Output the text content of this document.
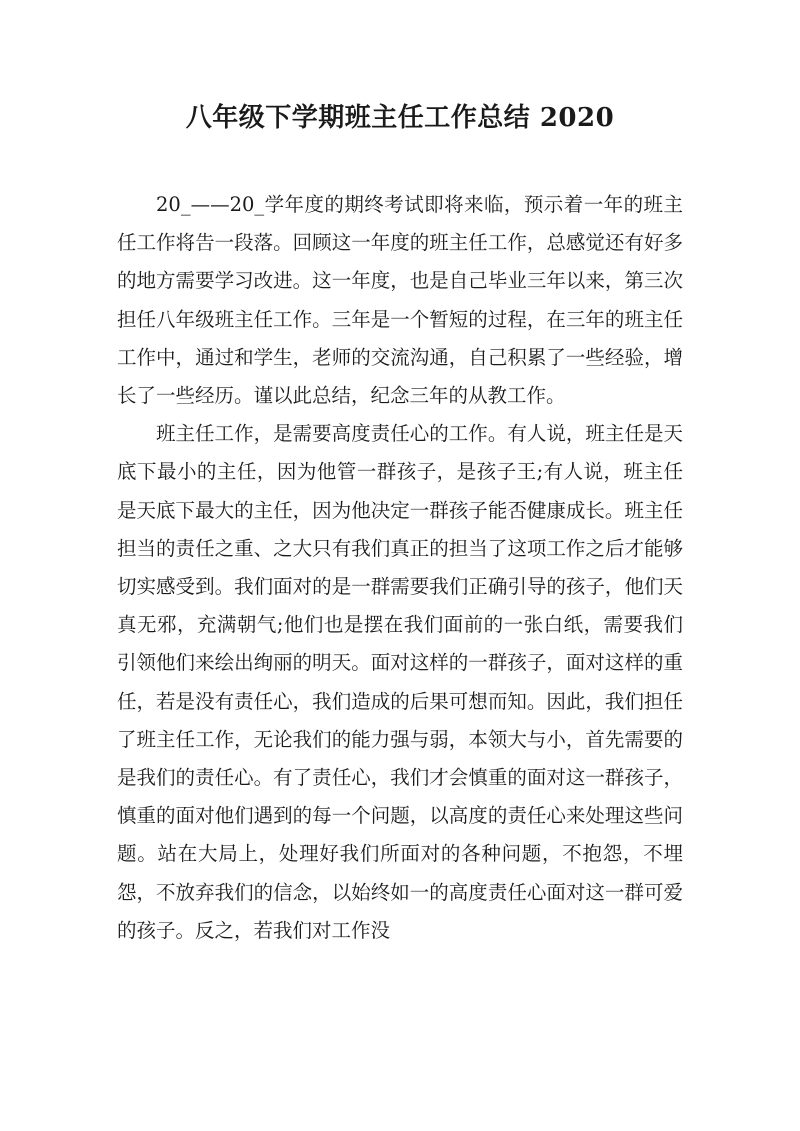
八年级下学期班主任工作总结 2020

20_——20_学年度的期终考试即将来临，预示着一年的班主任工作将告一段落。回顾这一年度的班主任工作，总感觉还有好多的地方需要学习改进。这一年度，也是自己毕业三年以来，第三次担任八年级班主任工作。三年是一个暂短的过程，在三年的班主任工作中，通过和学生，老师的交流沟通，自己积累了一些经验，增长了一些经历。谨以此总结，纪念三年的从教工作。

班主任工作，是需要高度责任心的工作。有人说，班主任是天底下最小的主任，因为他管一群孩子，是孩子王;有人说，班主任是天底下最大的主任，因为他决定一群孩子能否健康成长。班主任担当的责任之重、之大只有我们真正的担当了这项工作之后才能够切实感受到。我们面对的是一群需要我们正确引导的孩子，他们天真无邪，充满朝气;他们也是摆在我们面前的一张白纸，需要我们引领他们来绘出绚丽的明天。面对这样的一群孩子，面对这样的重任，若是没有责任心，我们造成的后果可想而知。因此，我们担任了班主任工作，无论我们的能力强与弱，本领大与小，首先需要的是我们的责任心。有了责任心，我们才会慎重的面对这一群孩子，慎重的面对他们遇到的每一个问题，以高度的责任心来处理这些问题。站在大局上，处理好我们所面对的各种问题，不抱怨，不埋怨，不放弃我们的信念，以始终如一的高度责任心面对这一群可爱的孩子。反之，若我们对工作没
